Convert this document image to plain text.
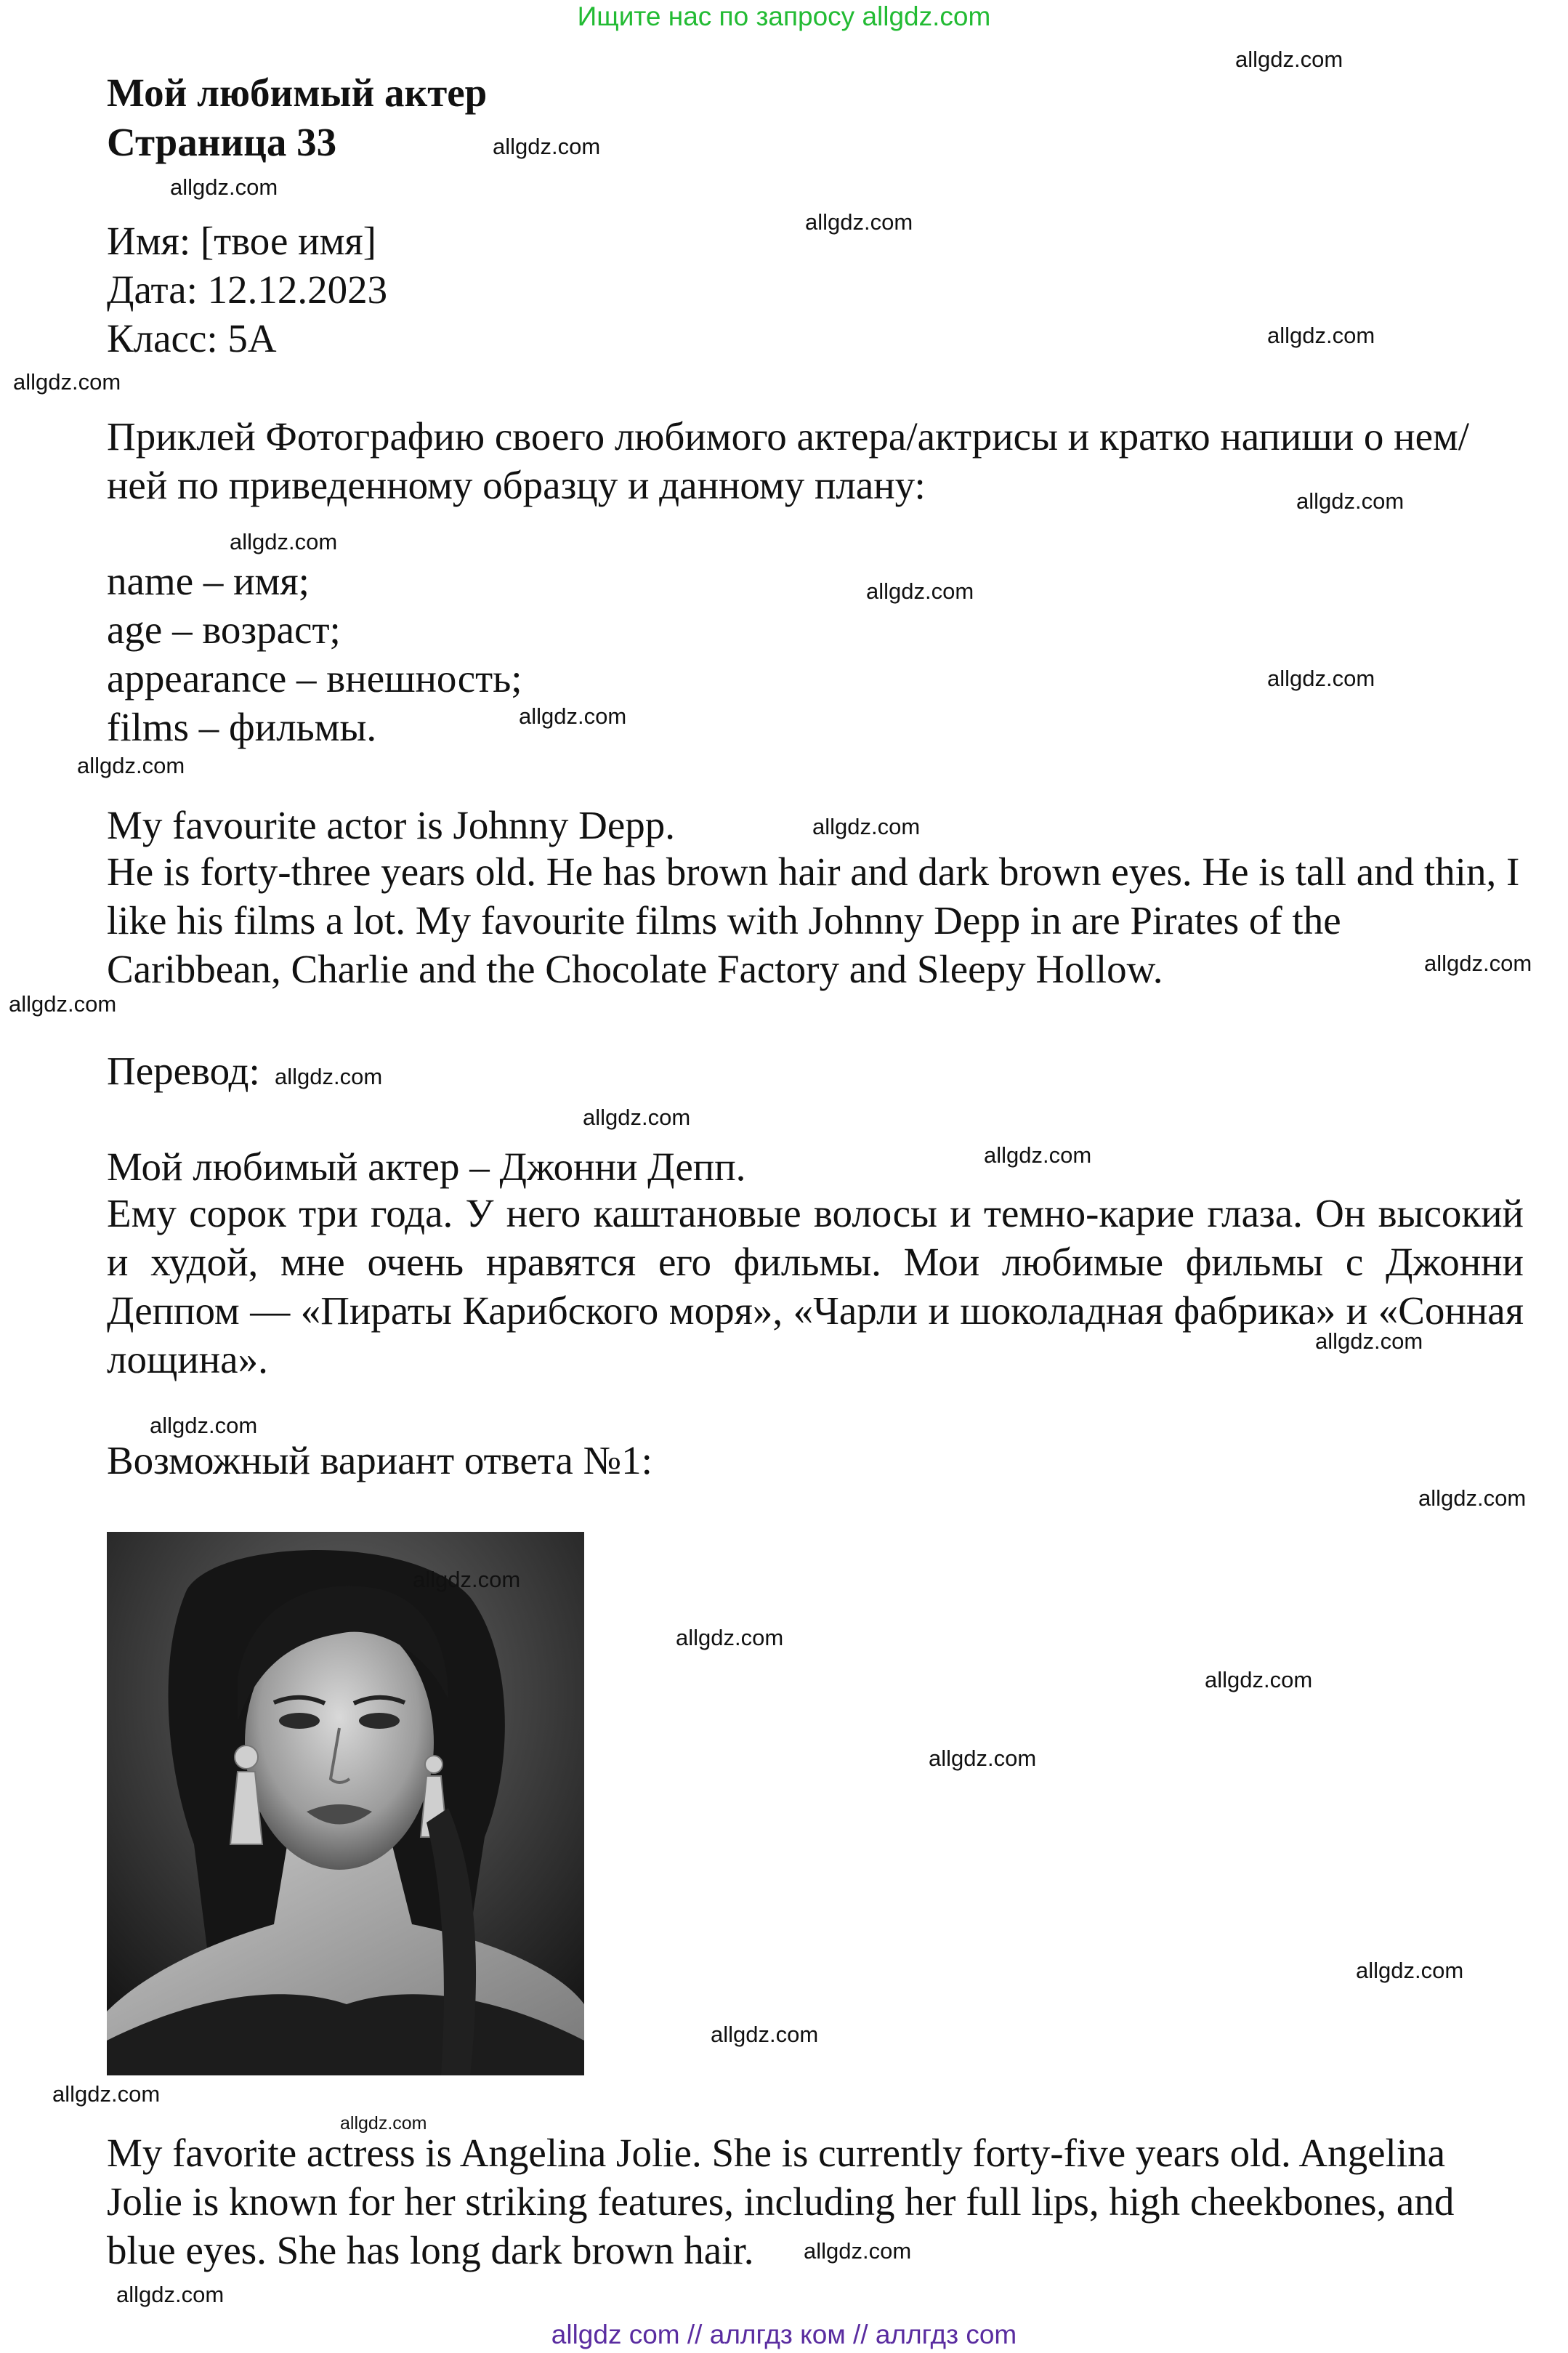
Ищите нас по запросу allgdz.com
Мой любимый актер
Страница 33
Имя: [твое имя]
Дата: 12.12.2023
Класс: 5А
Приклей Фотографию своего любимого актера/актрисы и кратко напиши о нем/ней по приведенному образцу и данному плану:
name – имя;
age – возраст;
appearance – внешность;
films – фильмы.
My favourite actor is Johnny Depp.
He is forty-three years old. He has brown hair and dark brown eyes. He is tall and thin, I like his films a lot. My favourite films with Johnny Depp in are Pirates of the Caribbean, Charlie and the Chocolate Factory and Sleepy Hollow.
Перевод:
Мой любимый актер – Джонни Депп.
Ему сорок три года. У него каштановые волосы и темно-карие глаза. Он высокий и худой, мне очень нравятся его фильмы. Мои любимые фильмы с Джонни Деппом — «Пираты Карибского моря», «Чарли и шоколадная фабрика» и «Сонная лощина».
Возможный вариант ответа №1:
My favorite actress is Angelina Jolie. She is currently forty-five years old. Angelina Jolie is known for her striking features, including her full lips, high cheekbones, and blue eyes. She has long dark brown hair.
allgdz.com
allgdz.com
allgdz.com
allgdz.com
allgdz.com
allgdz.com
allgdz.com
allgdz.com
allgdz.com
allgdz.com
allgdz.com
allgdz.com
allgdz.com
allgdz.com
allgdz.com
allgdz.com
allgdz.com
allgdz.com
allgdz.com
allgdz.com
allgdz.com
allgdz.com
allgdz.com
allgdz.com
allgdz.com
allgdz.com
allgdz.com
allgdz.com
allgdz.com
allgdz.com
allgdz.com
allgdz com // аллгдз ком // аллгдз com
